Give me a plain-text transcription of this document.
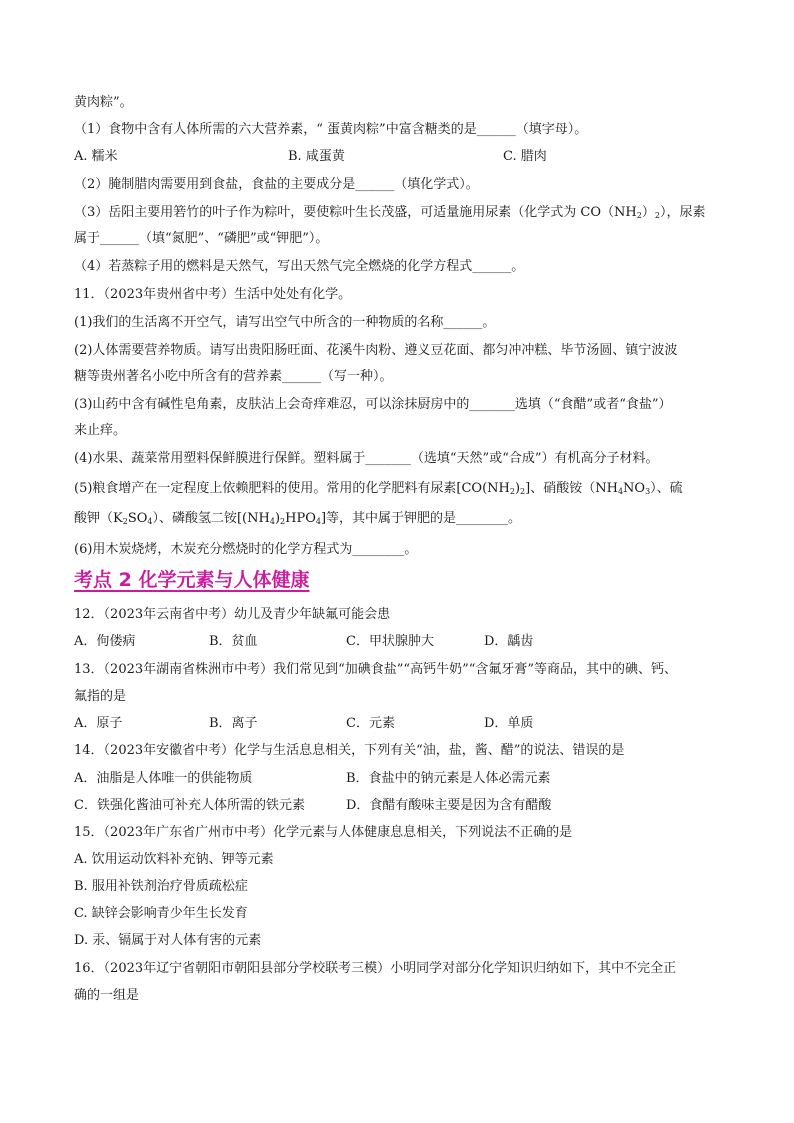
黄肉粽”。
（1）食物中含有人体所需的六大营养素，“ 蛋黄肉粽”中富含糖类的是______（填字母）。
A. 糯米	B. 咸蛋黄	C. 腊肉
（2）腌制腊肉需要用到食盐，食盐的主要成分是______（填化学式）。
（3）岳阳主要用箬竹的叶子作为粽叶，要使粽叶生长茂盛，可适量施用尿素（化学式为 $CO(NH_2)_2$），尿素
属于______（填“氮肥”、“磷肥”或“钾肥”）。
（4）若蒸粽子用的燃料是天然气，写出天然气完全燃烧的化学方程式______。
11．（2023年贵州省中考）生活中处处有化学。
(1)我们的生活离不开空气，请写出空气中所含的一种物质的名称______。
(2)人体需要营养物质。请写出贵阳肠旺面、花溪牛肉粉、遵义豆花面、都匀冲冲糕、毕节汤圆、镇宁波波
糖等贵州著名小吃中所含有的营养素______（写一种）。
(3)山药中含有碱性皂角素，皮肤沾上会奇痒难忍，可以涂抹厨房中的_______选填（“食醋”或者“食盐”）
来止痒。
(4)水果、蔬菜常用塑料保鲜膜进行保鲜。塑料属于_______（选填“天然”或“合成”）有机高分子材料。
(5)粮食增产在一定程度上依赖肥料的使用。常用的化学肥料有尿素$[CO(NH_2)_2]$、硝酸铵$(NH_4NO_3)$、硫
酸钾$(K_2SO_4)$、磷酸氢二铵$[(NH_4)_2HPO_4]$等，其中属于钾肥的是________。
(6)用木炭烧烤，木炭充分燃烧时的化学方程式为________。
考点 2 化学元素与人体健康
12．（2023年云南省中考）幼儿及青少年缺氟可能会患
A．佝偻病	B．贫血	C．甲状腺肿大	D．龋齿
13．（2023年湖南省株洲市中考）我们常见到“加碘食盐”“高钙牛奶”“含氟牙膏”等商品，其中的碘、钙、
氟指的是
A．原子	B．离子	C．元素	D．单质
14．（2023年安徽省中考）化学与生活息息相关，下列有关“油，盐，酱、醋”的说法、错误的是
A．油脂是人体唯一的供能物质	B．食盐中的钠元素是人体必需元素
C．铁强化酱油可补充人体所需的铁元素	D．食醋有酸味主要是因为含有醋酸
15．（2023年广东省广州市中考）化学元素与人体健康息息相关，下列说法不正确的是
A. 饮用运动饮料补充钠、钾等元素
B. 服用补铁剂治疗骨质疏松症
C. 缺锌会影响青少年生长发育
D. 汞、镉属于对人体有害的元素
16．（2023年辽宁省朝阳市朝阳县部分学校联考三模）小明同学对部分化学知识归纳如下，其中不完全正
确的一组是
